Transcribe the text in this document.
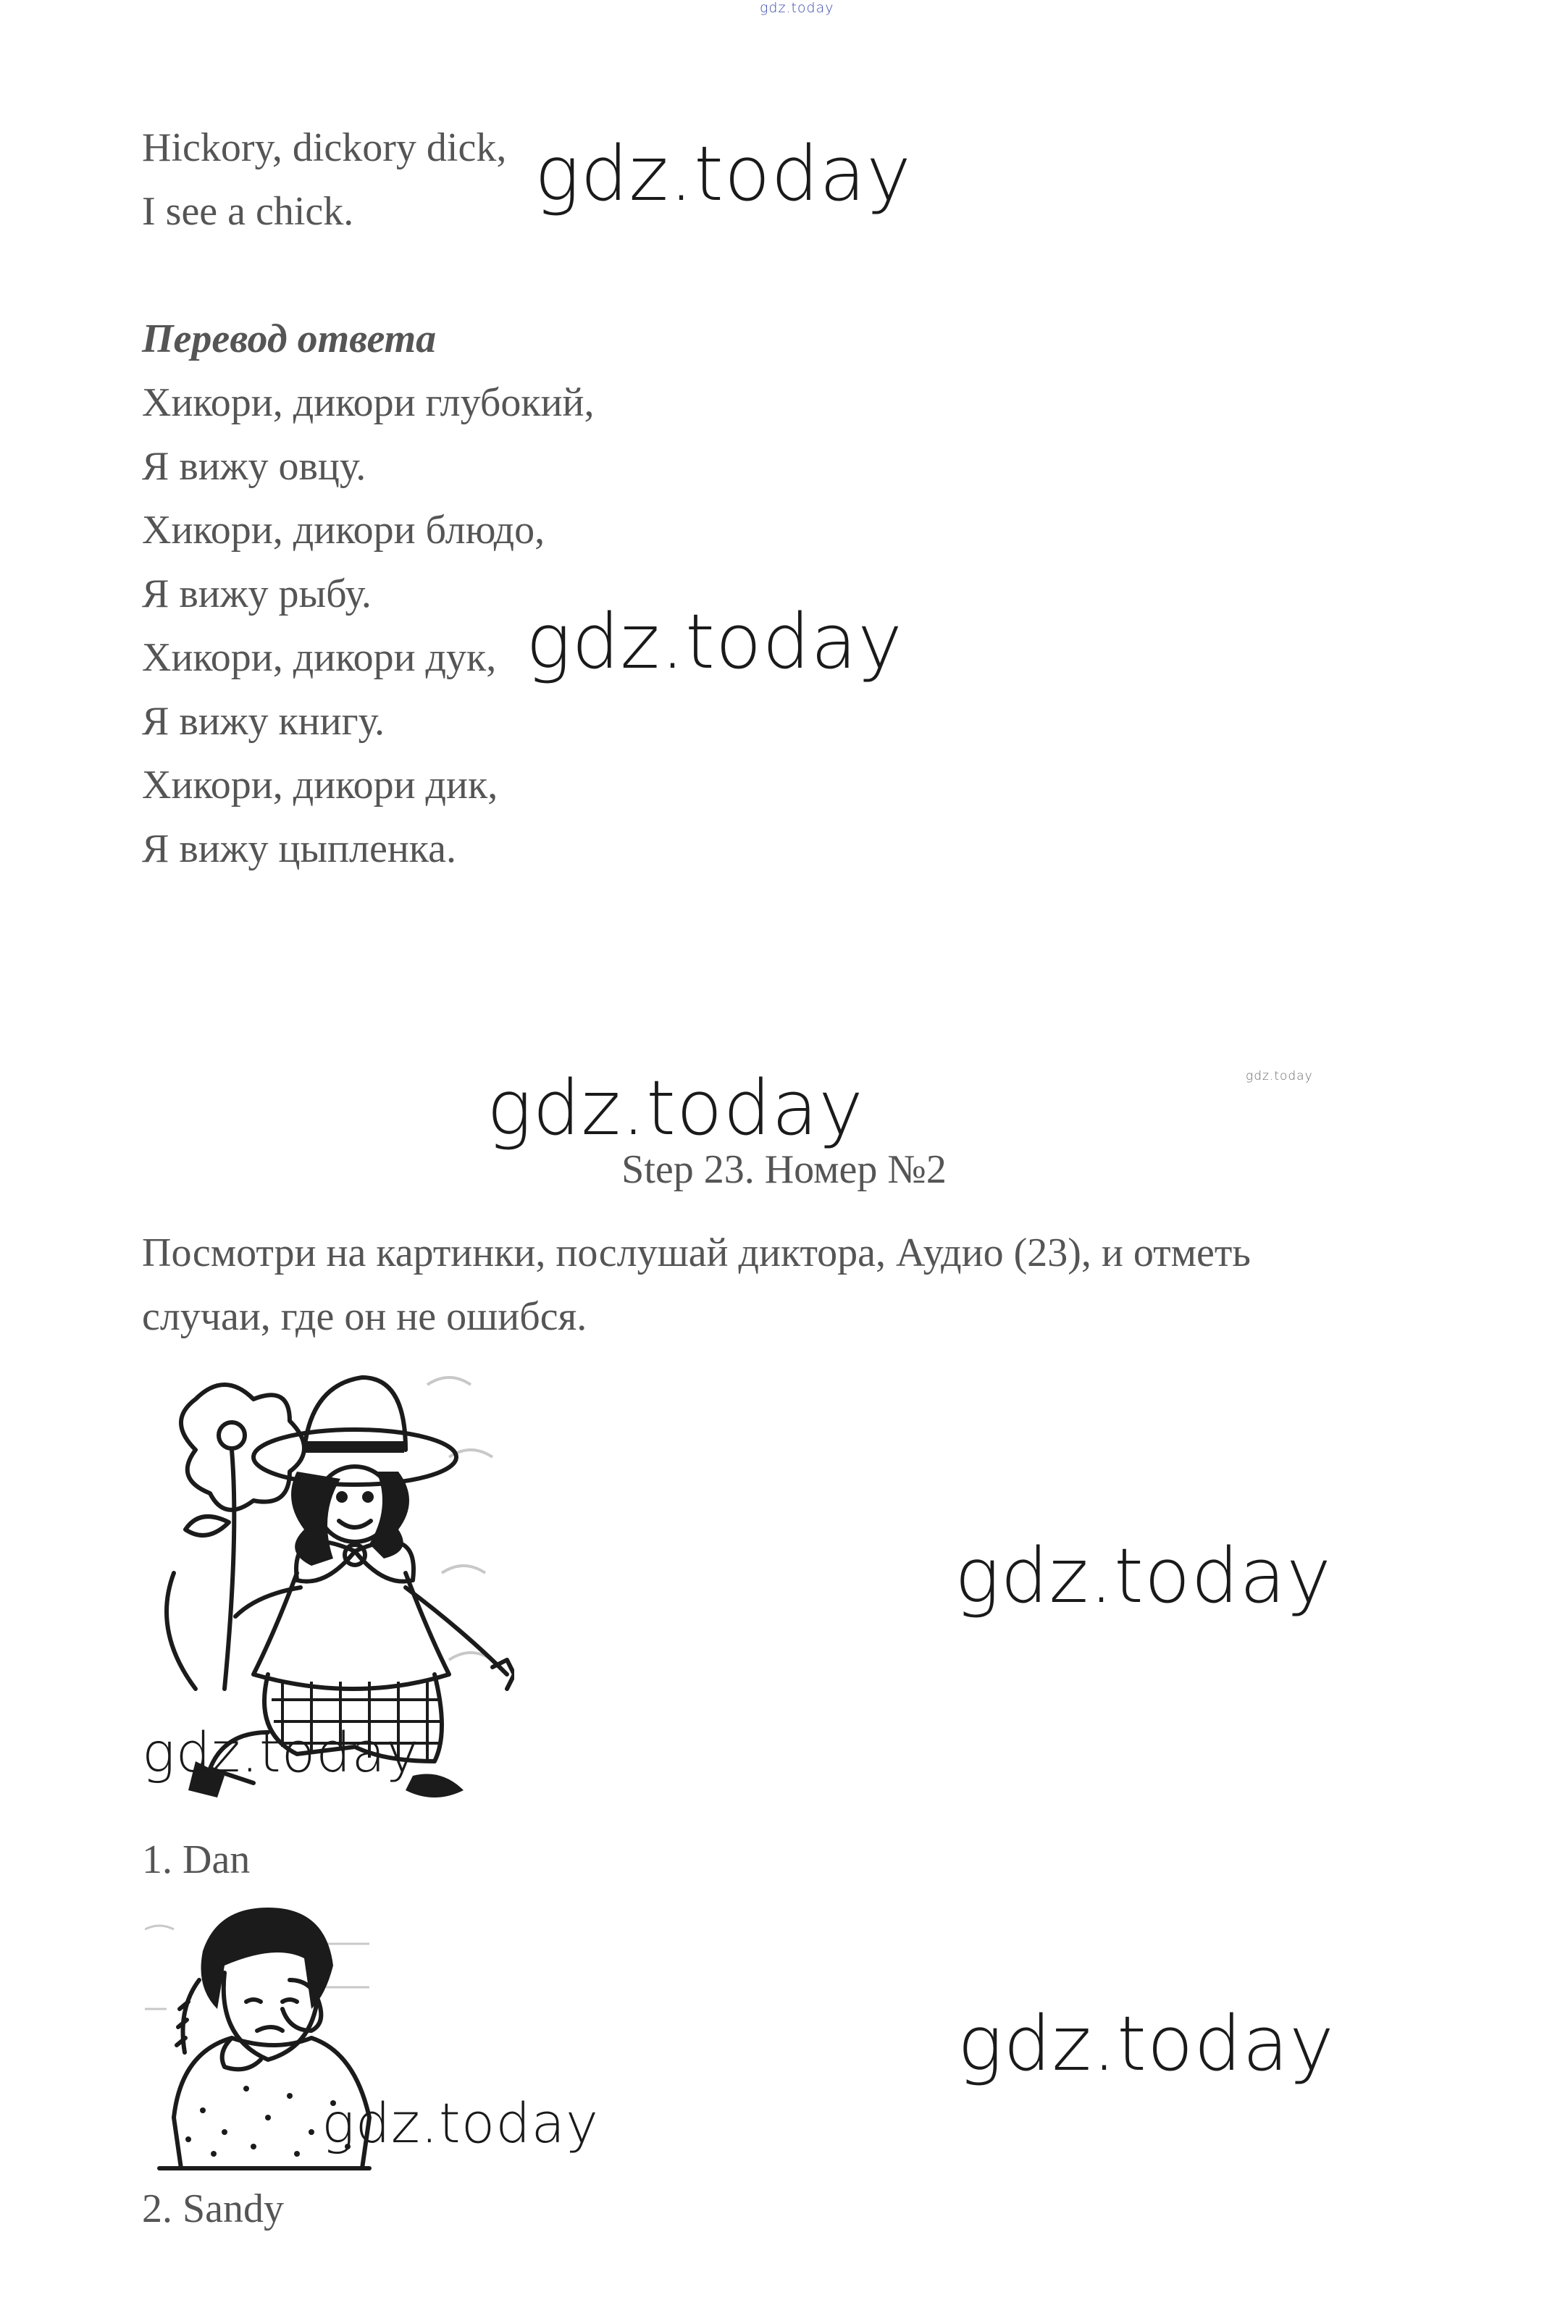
gdz.today
Hickory, dickory dick,
I see a chick. gdz.today
Перевод ответа
Хикори, дикори глубокий,
Я вижу овцу.
Хикори, дикори блюдо,
Я вижу рыбу.
Хикори, дикори дук,
Я вижу книгу.
Хикори, дикори дик,
Я вижу цыпленка.
gdz.today
gdz.today	gdz.today
Step 23. Номер №2
Посмотри на картинки, послушай диктора, Аудио (23), и отметь
случаи, где он не ошибся.
gdz.today
gdz.today
1. Dan
gdz.today
gdz.today
2. Sandy
